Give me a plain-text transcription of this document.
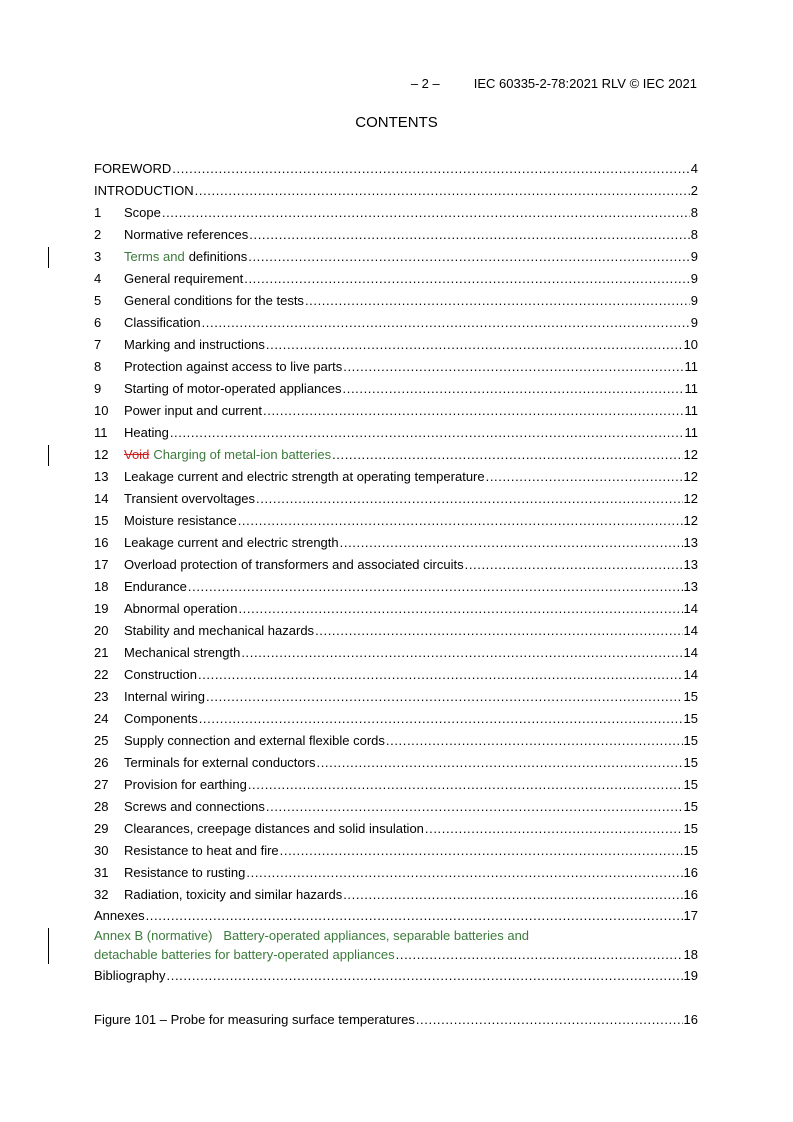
– 2 –	IEC 60335-2-78:2021 RLV © IEC 2021
CONTENTS
FOREWORD .....	4
INTRODUCTION .....	2
1	Scope .....	8
2	Normative references .....	8
3	Terms and definitions .....	9
4	General requirement .....	9
5	General conditions for the tests .....	9
6	Classification .....	9
7	Marking and instructions .....	10
8	Protection against access to live parts .....	11
9	Starting of motor-operated appliances .....	11
10	Power input and current .....	11
11	Heating .....	11
12	Void Charging of metal-ion batteries .....	12
13	Leakage current and electric strength at operating temperature .....	12
14	Transient overvoltages .....	12
15	Moisture resistance .....	12
16	Leakage current and electric strength .....	13
17	Overload protection of transformers and associated circuits .....	13
18	Endurance .....	13
19	Abnormal operation .....	14
20	Stability and mechanical hazards .....	14
21	Mechanical strength .....	14
22	Construction .....	14
23	Internal wiring .....	15
24	Components .....	15
25	Supply connection and external flexible cords .....	15
26	Terminals for external conductors .....	15
27	Provision for earthing .....	15
28	Screws and connections .....	15
29	Clearances, creepage distances and solid insulation .....	15
30	Resistance to heat and fire .....	15
31	Resistance to rusting .....	16
32	Radiation, toxicity and similar hazards .....	16
Annexes .....	17
Annex B (normative)   Battery-operated appliances, separable batteries and
detachable batteries for battery-operated appliances .....	18
Bibliography .....	19
Figure 101 – Probe for measuring surface temperatures .....	16
